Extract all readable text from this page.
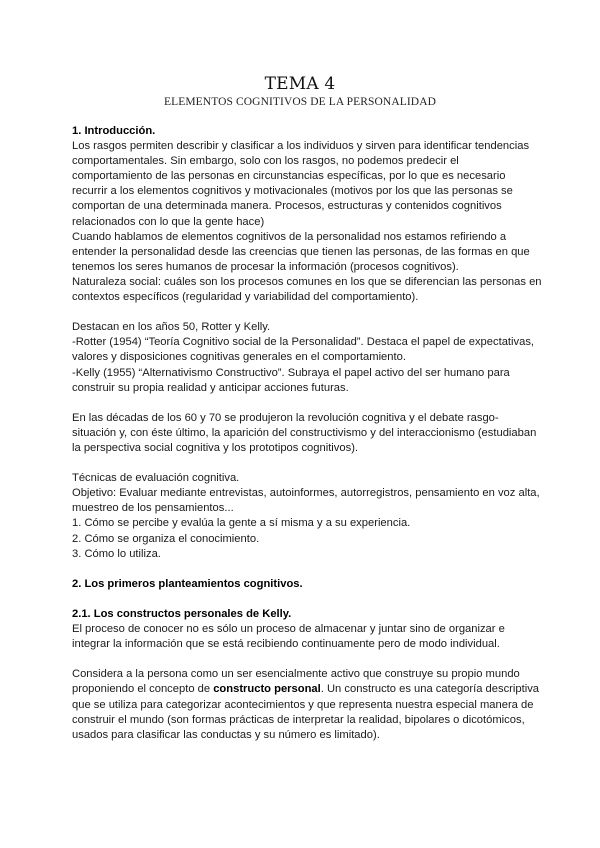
TEMA 4
ELEMENTOS COGNITIVOS DE LA PERSONALIDAD

1. Introducción.

Los rasgos permiten describir y clasificar a los individuos y sirven para identificar tendencias comportamentales. Sin embargo, solo con los rasgos, no podemos predecir el comportamiento de las personas en circunstancias específicas, por lo que es necesario recurrir a los elementos cognitivos y motivacionales (motivos por los que las personas se comportan de una determinada manera. Procesos, estructuras y contenidos cognitivos relacionados con lo que la gente hace)

Cuando hablamos de elementos cognitivos de la personalidad nos estamos refiriendo a entender la personalidad desde las creencias que tienen las personas, de las formas en que tenemos los seres humanos de procesar la información (procesos cognitivos).

Naturaleza social: cuáles son los procesos comunes en los que se diferencian las personas en contextos específicos (regularidad y variabilidad del comportamiento).

Destacan en los años 50, Rotter y Kelly.

-Rotter (1954) “Teoría Cognitivo social de la Personalidad”. Destaca el papel de expectativas, valores y disposiciones cognitivas generales en el comportamiento.

-Kelly (1955) “Alternativismo Constructivo”. Subraya el papel activo del ser humano para construir su propia realidad y anticipar acciones futuras.

En las décadas de los 60 y 70 se produjeron la revolución cognitiva y el debate rasgo-situación y, con éste último, la aparición del constructivismo y del interaccionismo (estudiaban la perspectiva social cognitiva y los prototipos cognitivos).

Técnicas de evaluación cognitiva.

Objetivo: Evaluar mediante entrevistas, autoinformes, autorregistros, pensamiento en voz alta, muestreo de los pensamientos...

1. Cómo se percibe y evalúa la gente a sí misma y a su experiencia.

2. Cómo se organiza el conocimiento.

3. Cómo lo utiliza.

2. Los primeros planteamientos cognitivos.

2.1. Los constructos personales de Kelly.

El proceso de conocer no es sólo un proceso de almacenar y juntar sino de organizar e integrar la información que se está recibiendo continuamente pero de modo individual.

Considera a la persona como un ser esencialmente activo que construye su propio mundo proponiendo el concepto de constructo personal. Un constructo es una categoría descriptiva que se utiliza para categorizar acontecimientos y que representa nuestra especial manera de construir el mundo (son formas prácticas de interpretar la realidad, bipolares o dicotómicos, usados para clasificar las conductas y su número es limitado).
